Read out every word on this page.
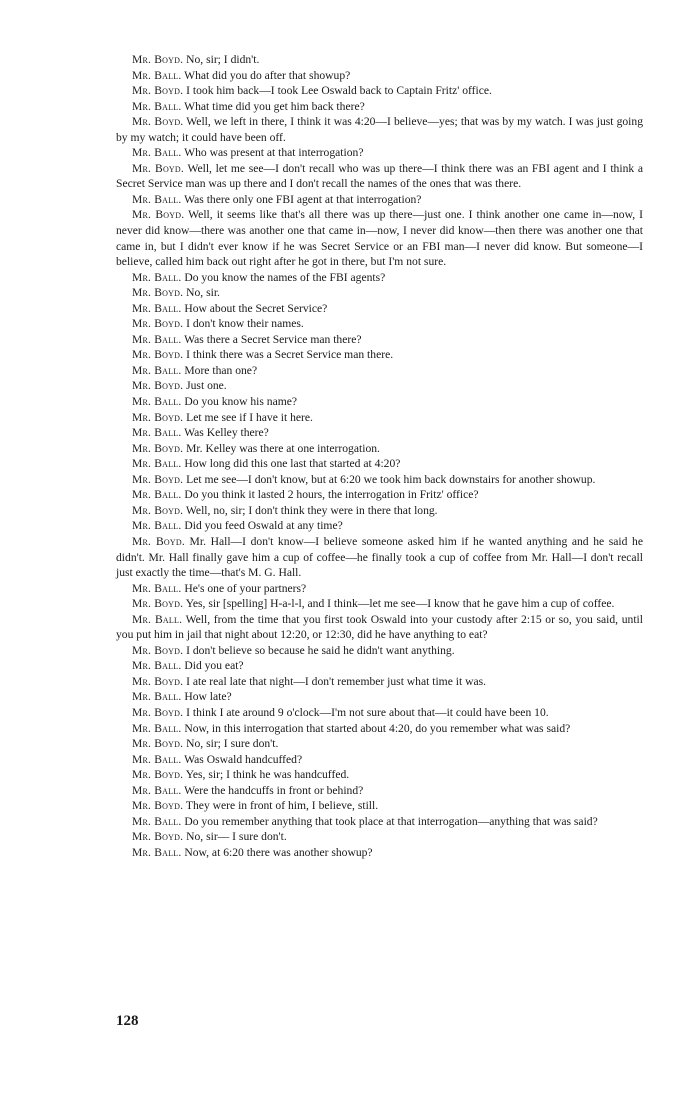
Mr. Boyd. No, sir; I didn't.

Mr. Ball. What did you do after that showup?

Mr. Boyd. I took him back—I took Lee Oswald back to Captain Fritz' office.

Mr. Ball. What time did you get him back there?

Mr. Boyd. Well, we left in there, I think it was 4:20—I believe—yes; that was by my watch. I was just going by my watch; it could have been off.

Mr. Ball. Who was present at that interrogation?

Mr. Boyd. Well, let me see—I don't recall who was up there—I think there was an FBI agent and I think a Secret Service man was up there and I don't recall the names of the ones that was there.

Mr. Ball. Was there only one FBI agent at that interrogation?

Mr. Boyd. Well, it seems like that's all there was up there—just one. I think another one came in—now, I never did know—there was another one that came in—now, I never did know—then there was another one that came in, but I didn't ever know if he was Secret Service or an FBI man—I never did know. But someone—I believe, called him back out right after he got in there, but I'm not sure.

Mr. Ball. Do you know the names of the FBI agents?

Mr. Boyd. No, sir.

Mr. Ball. How about the Secret Service?

Mr. Boyd. I don't know their names.

Mr. Ball. Was there a Secret Service man there?

Mr. Boyd. I think there was a Secret Service man there.

Mr. Ball. More than one?

Mr. Boyd. Just one.

Mr. Ball. Do you know his name?

Mr. Boyd. Let me see if I have it here.

Mr. Ball. Was Kelley there?

Mr. Boyd. Mr. Kelley was there at one interrogation.

Mr. Ball. How long did this one last that started at 4:20?

Mr. Boyd. Let me see—I don't know, but at 6:20 we took him back downstairs for another showup.

Mr. Ball. Do you think it lasted 2 hours, the interrogation in Fritz' office?

Mr. Boyd. Well, no, sir; I don't think they were in there that long.

Mr. Ball. Did you feed Oswald at any time?

Mr. Boyd. Mr. Hall—I don't know—I believe someone asked him if he wanted anything and he said he didn't. Mr. Hall finally gave him a cup of coffee—he finally took a cup of coffee from Mr. Hall—I don't recall just exactly the time—that's M. G. Hall.

Mr. Ball. He's one of your partners?

Mr. Boyd. Yes, sir [spelling] H-a-l-l, and I think—let me see—I know that he gave him a cup of coffee.

Mr. Ball. Well, from the time that you first took Oswald into your custody after 2:15 or so, you said, until you put him in jail that night about 12:20, or 12:30, did he have anything to eat?

Mr. Boyd. I don't believe so because he said he didn't want anything.

Mr. Ball. Did you eat?

Mr. Boyd. I ate real late that night—I don't remember just what time it was.

Mr. Ball. How late?

Mr. Boyd. I think I ate around 9 o'clock—I'm not sure about that—it could have been 10.

Mr. Ball. Now, in this interrogation that started about 4:20, do you remember what was said?

Mr. Boyd. No, sir; I sure don't.

Mr. Ball. Was Oswald handcuffed?

Mr. Boyd. Yes, sir; I think he was handcuffed.

Mr. Ball. Were the handcuffs in front or behind?

Mr. Boyd. They were in front of him, I believe, still.

Mr. Ball. Do you remember anything that took place at that interrogation—anything that was said?

Mr. Boyd. No, sir— I sure don't.

Mr. Ball. Now, at 6:20 there was another showup?

128
